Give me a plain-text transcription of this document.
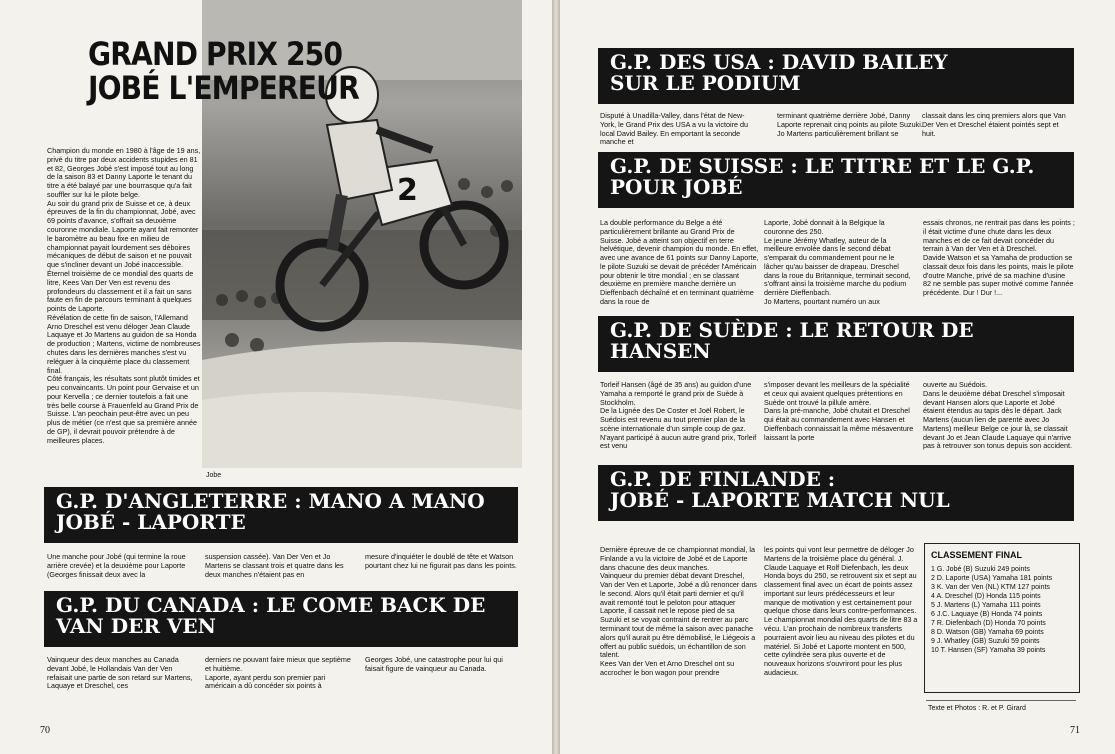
2
GRAND PRIX 250
JOBÉ L'EMPEREUR
Jobe
Champion du monde en 1980 à l'âge de 19 ans, privé du titre par deux accidents stupides en 81 et 82, Georges Jobé s'est imposé tout au long de la saison 83 et Danny Laporte le tenant du titre a été balayé par une bourrasque qu'a fait souffler sur lui le pilote belge.
Au soir du grand prix de Suisse et ce, à deux épreuves de la fin du championnat, Jobé, avec 69 points d'avance, s'offrait sa deuxième couronne mondiale. Laporte ayant fait remonter le baromètre au beau fixe en milieu de championnat payait lourdement ses déboires mécaniques de début de saison et ne pouvait que s'incliner devant un Jobé inaccessible.
Éternel troisième de ce mondial des quarts de litre, Kees Van Der Ven est revenu des profondeurs du classement et il a fait un sans faute en fin de parcours terminant à quelques points de Laporte.
Révélation de cette fin de saison, l'Allemand Arno Dreschel est venu déloger Jean Claude Laquaye et Jo Martens au guidon de sa Honda de production ; Martens, victime de nombreuses chutes dans les dernières manches s'est vu reléguer à la cinquième place du classement final.
Côté français, les résultats sont plutôt timides et peu convaincants. Un point pour Gervaise et un pour Kervella ; ce dernier toutefois a fait une très belle course à Frauenfeld au Grand Prix de Suisse. L'an peochain peut-être avec un peu plus de métier (ce n'est que sa première année de GP), il devrait pouvoir prétendre à de meilleures places.
G.P. D'ANGLETERRE : MANO A MANO
JOBÉ - LAPORTE
Une manche pour Jobé (qui termine la roue arrière crevée) et la deuxième pour Laporte (Georges finissait deux avec la
suspension cassée). Van Der Ven et Jo Martens se classant trois et quatre dans les deux manches n'étaient pas en
mesure d'inquiéter le doublé de tête et Watson pourtant chez lui ne figurait pas dans les points.
G.P. DU CANADA : LE COME BACK DE
VAN DER VEN
Vainqueur des deux manches au Canada devant Jobé, le Hollandais Van der Ven refaisait une partie de son retard sur Martens, Laquaye et Dreschel, ces
derniers ne pouvant faire mieux que septième et huitième.
Laporte, ayant perdu son premier pari américain a dû concéder six points à
Georges Jobé, une catastrophe pour lui qui faisait figure de vainqueur au Canada.
70
G.P. DES USA : DAVID BAILEY
SUR LE PODIUM
Disputé à Unadilla-Valley, dans l'état de New-York, le Grand Prix des USA a vu la victoire du local David Bailey. En emportant la seconde manche et
terminant quatrième derrière Jobé, Danny Laporte reprenait cinq points au pilote Suzuki.
Jo Martens particulièrement brillant se
classait dans les cinq premiers alors que Van Der Ven et Dreschel étaient pointés sept et huit.
G.P. DE SUISSE : LE TITRE ET LE G.P.
POUR JOBÉ
La double performance du Belge a été particulièrement brillante au Grand Prix de Suisse. Jobé a atteint son objectif en terre helvétique, devenir champion du monde. En effet, avec une avance de 61 points sur Danny Laporte, le pilote Suzuki se devait de précéder l'Américain pour obtenir le titre mondial ; en se classant deuxième en première manche derrière un Dieffenbach déchaîné et en terminant quatrième dans la roue de
Laporte, Jobé donnait à la Belgique la couronne des 250.
Le jeune Jérémy Whatley, auteur de la meilleure envolée dans le second débat s'emparait du commandement pour ne le lâcher qu'au baisser de drapeau. Dreschel dans la roue du Britannique, terminait second, s'offrant ainsi la troisième marche du podium derrière Dieffenbach.
Jo Martens, pourtant numéro un aux
essais chronos, ne rentrait pas dans les points ; il était victime d'une chute dans les deux manches et de ce fait devait concéder du terrain à Van der Ven et à Dreschel.
Davide Watson et sa Yamaha de production se classait deux fois dans les points, mais le pilote d'outre Manche, privé de sa machine d'usine 82 ne semble pas super motivé comme l'année précédente. Dur ! Dur !...
G.P. DE SUÈDE : LE RETOUR DE
HANSEN
Torleif Hansen (âgé de 35 ans) au guidon d'une Yamaha a remporté le grand prix de Suède à Stockholm.
De la Lignée des De Coster et Joël Robert, le Suédois est revenu au tout premier plan de la scène internationale d'un simple coup de gaz. N'ayant participé à aucun autre grand prix, Torleif est venu
s'imposer devant les meilleurs de la spécialité et ceux qui avaient quelques prétentions en Suède ont trouvé la pillule amère.
Dans la pré-manche, Jobé chutait et Dreschel qui était au commandement avec Hansen et Dieffenbach connaissait la même mésaventure laissant la porte
ouverte au Suédois.
Dans le deuxième débat Dreschel s'imposait devant Hansen alors que Laporte et Jobé étaient étendus au tapis dès le départ. Jack Martens (aucun lien de parenté avec Jo Martens) meilleur Belge ce jour là, se classait devant Jo et Jean Claude Laquaye qui n'arrive pas à retrouver son tonus depuis son accident.
G.P. DE FINLANDE :
JOBÉ - LAPORTE MATCH NUL
Dernière épreuve de ce championnat mondial, la Finlande a vu la victoire de Jobé et de Laporte dans chacune des deux manches.
Vainqueur du premier débat devant Dreschel, Van der Ven et Laporte, Jobé a dû renoncer dans le second. Alors qu'il était parti dernier et qu'il avait remonté tout le peloton pour attaquer Laporte, il cassait net le repose pied de sa Suzuki et se voyait contraint de rentrer au parc terminant tout de même la saison avec panache alors qu'il aurait pu être démobilisé, le Liégeois a offert au public suédois, un échantillon de son talent.
Kees Van der Ven et Arno Dreschel ont su accrocher le bon wagon pour prendre
les points qui vont leur permettre de déloger Jo Martens de la troisième place du général. J. Claude Laquaye et Rolf Diefenbach, les deux Honda boys du 250, se retrouvent six et sept au classement final avec un écart de points assez important sur leurs prédécesseurs et leur manque de motivation y est certainement pour quelque chose dans leurs contre-performances.
Le championnat mondial des quarts de litre 83 a vécu. L'an prochain de nombreux transferts pourraient avoir lieu au niveau des pilotes et du matériel. Si Jobé et Laporte montent en 500, cette cylindrée sera plus ouverte et de nouveaux horizons s'ouvriront pour les plus audacieux.
71
CLASSEMENT FINAL
1 G. Jobé (B) Suzuki 249 points
2 D. Laporte (USA) Yamaha 181 points
3 K. Van der Ven (NL) KTM 127 points
4 A. Dreschel (D) Honda 115 points
5 J. Martens (L) Yamaha 111 points
6 J.C. Laquaye (B) Honda 74 points
7 R. Diefenbach (D) Honda 70 points
8 D. Watson (GB) Yamaha 69 points
9 J. Whatley (GB) Suzuki 59 points
10 T. Hansen (SF) Yamaha 39 points
Texte et Photos : R. et P. Girard
